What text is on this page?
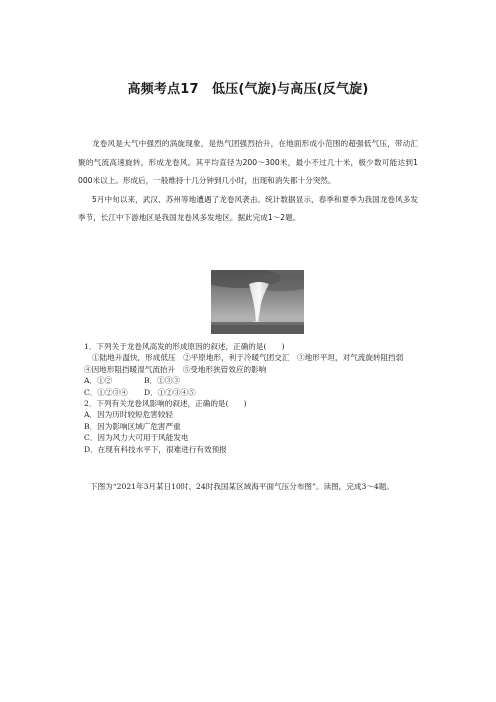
高频考点17　低压(气旋)与高压(反气旋)

龙卷风是大气中强烈的涡旋现象，是热气团强烈抬升，在地面形成小范围的超强低气压，带动汇聚的气流高速旋转，形成龙卷风。其平均直径为200～300米，最小不过几十米，极少数可能达到1 000米以上。形成后，一般维持十几分钟到几小时，出现和消失都十分突然。

5月中旬以来，武汉、苏州等地遭遇了龙卷风袭击。统计数据显示，春季和夏季为我国龙卷风多发季节，长江中下游地区是我国龙卷风多发地区。据此完成1～2题。

1．下列关于龙卷风高发的形成原因的叙述，正确的是(　　)

①陆地升温快，形成低压　②平原地形，利于冷暖气团交汇　③地形平坦，对气流旋转阻挡弱　④因地形阻挡暖湿气流抬升　⑤受地形狭管效应的影响

A．①②	B．①③③
C．①②③④	D．①②③④⑤

2．下列有关龙卷风影响的叙述，正确的是(　　)

A．因为历时较短危害较轻

B．因为影响区域广危害严重

C．因为风力大可用于风能发电

D．在现有科技水平下，很难进行有效预报

下图为“2021年3月某日10时、24时我国某区域海平面气压分布图”。读图，完成3～4题。
